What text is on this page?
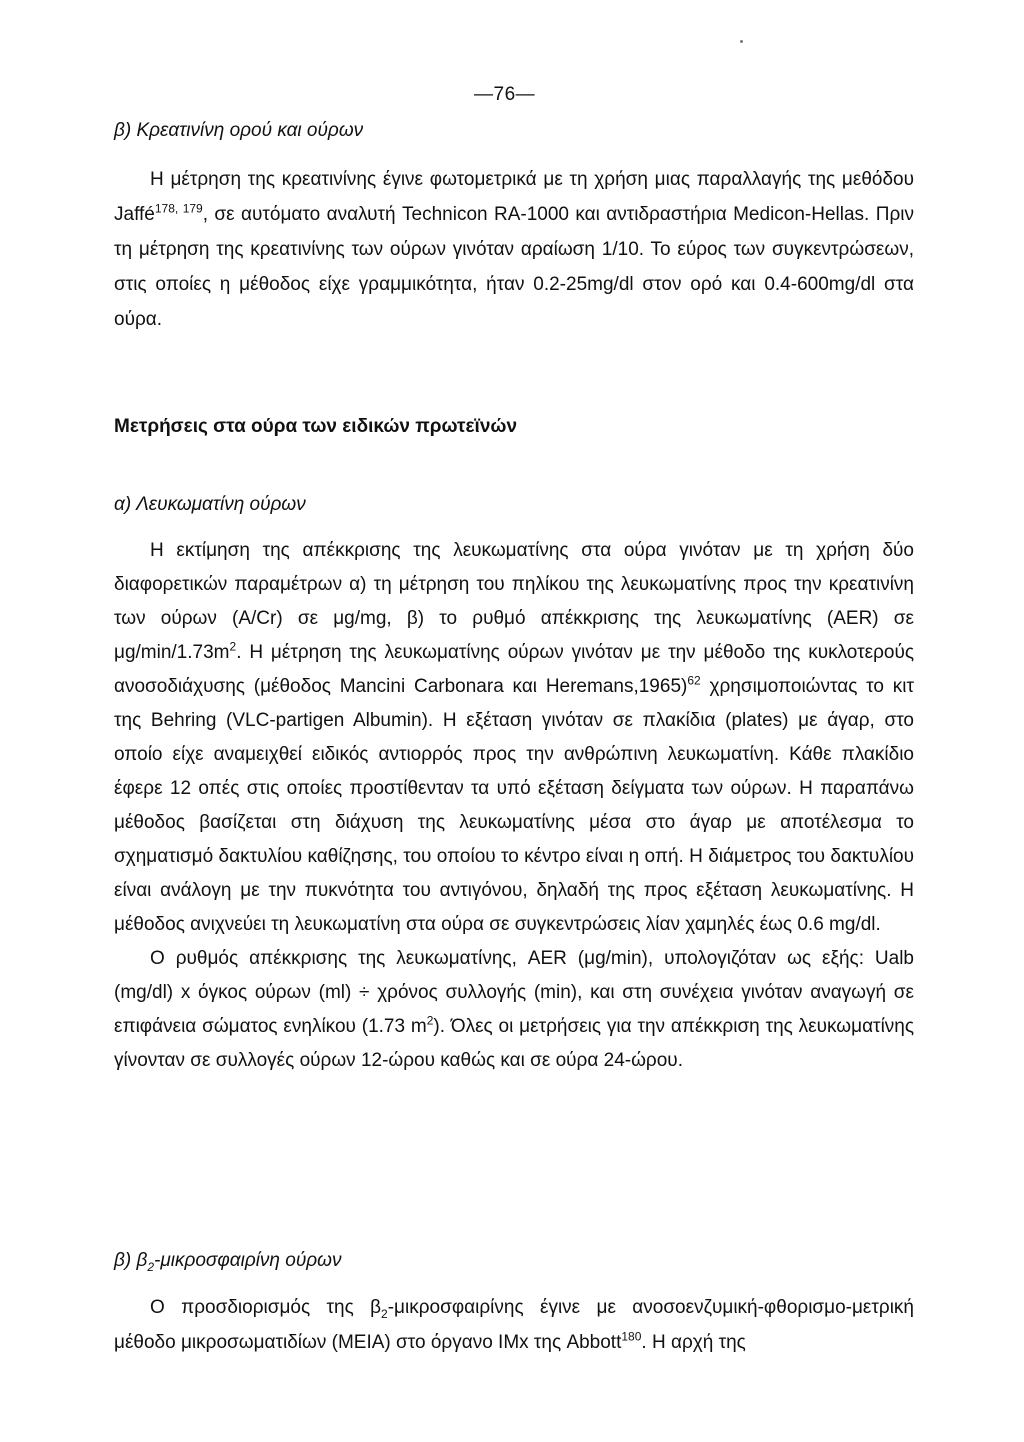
—76—
β) Κρεατινίνη ορού και ούρων

Η μέτρηση της κρεατινίνης έγινε φωτομετρικά με τη χρήση μιας παραλλαγής της μεθόδου Jaffé$^{178, 179}$, σε αυτόματο αναλυτή Technicon RA-1000 και αντιδραστήρια Medicon-Hellas. Πριν τη μέτρηση της κρεατινίνης των ούρων γινόταν αραίωση 1/10. Το εύρος των συγκεντρώσεων, στις οποίες η μέθοδος είχε γραμμικότητα, ήταν 0.2-25mg/dl στον ορό και 0.4-600mg/dl στα ούρα.

Μετρήσεις στα ούρα των ειδικών πρωτεϊνών
α) Λευκωματίνη ούρων

Η εκτίμηση της απέκκρισης της λευκωματίνης στα ούρα γινόταν με τη χρήση δύο διαφορετικών παραμέτρων α) τη μέτρηση του πηλίκου της λευκωματίνης προς την κρεατινίνη των ούρων (A/Cr) σε μg/mg, β) το ρυθμό απέκκρισης της λευκωματίνης (AER) σε $\mu g/\min/1.73m^2$. Η μέτρηση της λευκωματίνης ούρων γινόταν με την μέθοδο της κυκλοτερούς ανοσοδιάχυσης (μέθοδος Mancini Carbonara και Heremans,1965)$^{62}$ χρησιμοποιώντας το κιτ της Behring (VLC-partigen Albumin). Η εξέταση γινόταν σε πλακίδια (plates) με άγαρ, στο οποίο είχε αναμειχθεί ειδικός αντιορρός προς την ανθρώπινη λευκωματίνη. Κάθε πλακίδιο έφερε 12 οπές στις οποίες προστίθενταν τα υπό εξέταση δείγματα των ούρων. Η παραπάνω μέθοδος βασίζεται στη διάχυση της λευκωματίνης μέσα στο άγαρ με αποτέλεσμα το σχηματισμό δακτυλίου καθίζησης, του οποίου το κέντρο είναι η οπή. Η διάμετρος του δακτυλίου είναι ανάλογη με την πυκνότητα του αντιγόνου, δηλαδή της προς εξέταση λευκωματίνης. Η μέθοδος ανιχνεύει τη λευκωματίνη στα ούρα σε συγκεντρώσεις λίαν χαμηλές έως 0.6 mg/dl.

Ο ρυθμός απέκκρισης της λευκωματίνης, AER (μg/min), υπολογιζόταν ως εξής: Ualb (mg/dl) x όγκος ούρων (ml) ÷ χρόνος συλλογής (min), και στη συνέχεια γινόταν αναγωγή σε επιφάνεια σώματος ενηλίκου (1.73 $m^2$). Όλες οι μετρήσεις για την απέκκριση της λευκωματίνης γίνονταν σε συλλογές ούρων 12-ώρου καθώς και σε ούρα 24-ώρου.

β) $\beta_2$-μικροσφαιρίνη ούρων

Ο προσδιορισμός της $\beta_2$-μικροσφαιρίνης έγινε με ανοσοενζυμική-φθορισμο-μετρική μέθοδο μικροσωματιδίων (MEIA) στο όργανο IMx της Abbott$^{180}$. Η αρχή της
